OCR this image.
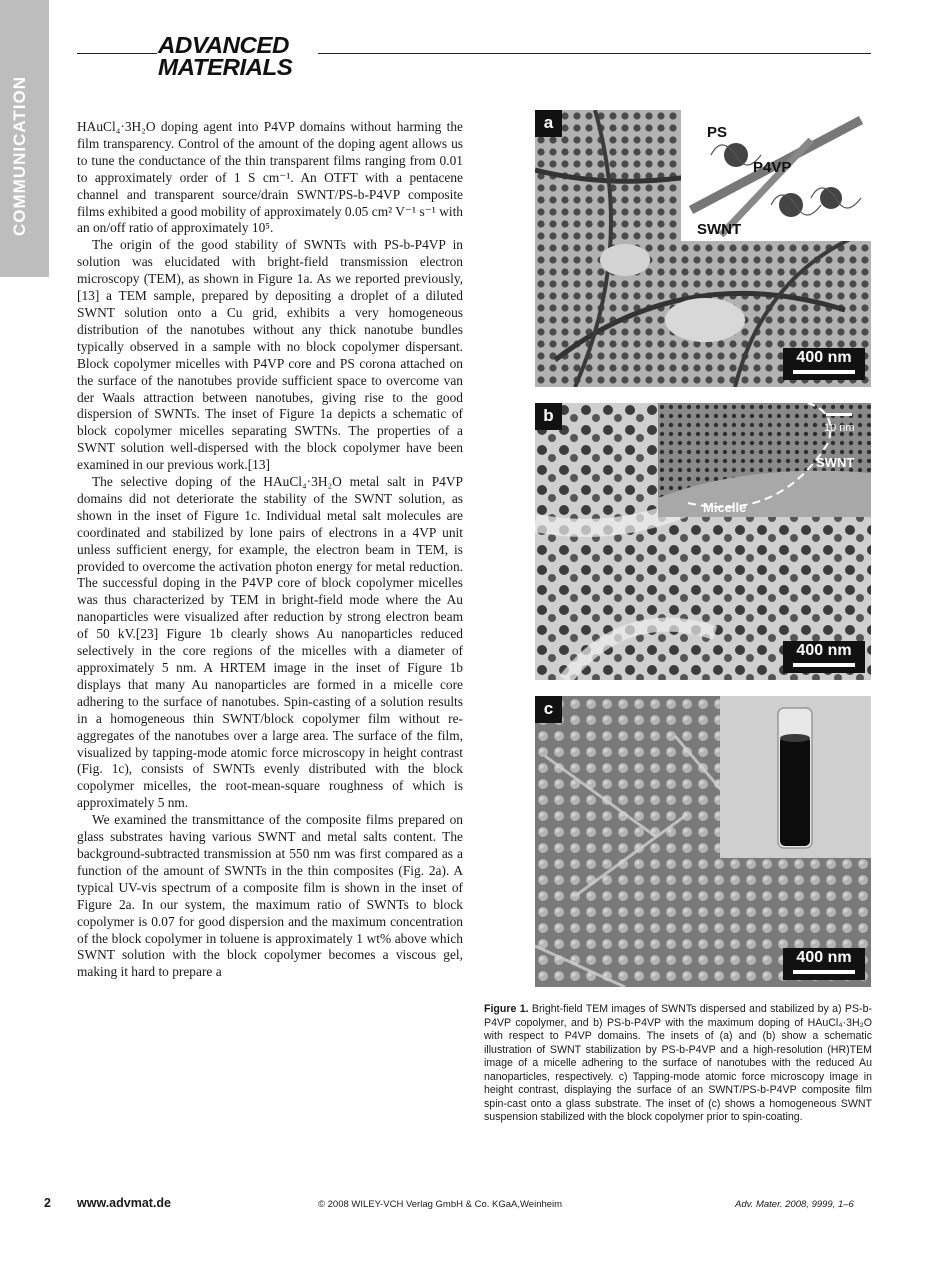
COMMUNICATION
ADVANCED
MATERIALS

HAuCl₄·3H₂O doping agent into P4VP domains without harming the film transparency. Control of the amount of the doping agent allows us to tune the conductance of the thin transparent films ranging from 0.01 to approximately order of 1 S cm⁻¹. An OTFT with a pentacene channel and transparent source/drain SWNT/PS-b-P4VP composite films exhibited a good mobility of approximately 0.05 cm² V⁻¹ s⁻¹ with an on/off ratio of approximately 10⁵.

The origin of the good stability of SWNTs with PS-b-P4VP in solution was elucidated with bright-field transmission electron microscopy (TEM), as shown in Figure 1a. As we reported previously,[13] a TEM sample, prepared by depositing a droplet of a diluted SWNT solution onto a Cu grid, exhibits a very homogeneous distribution of the nanotubes without any thick nanotube bundles typically observed in a sample with no block copolymer dispersant. Block copolymer micelles with P4VP core and PS corona attached on the surface of the nanotubes provide sufficient space to overcome van der Waals attraction between nanotubes, giving rise to the good dispersion of SWNTs. The inset of Figure 1a depicts a schematic of block copolymer micelles separating SWTNs. The properties of a SWNT solution well-dispersed with the block copolymer have been examined in our previous work.[13]

The selective doping of the HAuCl₄·3H₂O metal salt in P4VP domains did not deteriorate the stability of the SWNT solution, as shown in the inset of Figure 1c. Individual metal salt molecules are coordinated and stabilized by lone pairs of electrons in a 4VP unit unless sufficient energy, for example, the electron beam in TEM, is provided to overcome the activation photon energy for metal reduction. The successful doping in the P4VP core of block copolymer micelles was thus characterized by TEM in bright-field mode where the Au nanoparticles were visualized after reduction by strong electron beam of 50 kV.[23] Figure 1b clearly shows Au nanoparticles reduced selectively in the core regions of the micelles with a diameter of approximately 5 nm. A HRTEM image in the inset of Figure 1b displays that many Au nanoparticles are formed in a micelle core adhering to the surface of nanotubes. Spin-casting of a solution results in a homogeneous thin SWNT/block copolymer film without re-aggregates of the nanotubes over a large area. The surface of the film, visualized by tapping-mode atomic force microscopy in height contrast (Fig. 1c), consists of SWNTs evenly distributed with the block copolymer micelles, the root-mean-square roughness of which is approximately 5 nm.

We examined the transmittance of the composite films prepared on glass substrates having various SWNT and metal salts content. The background-subtracted transmission at 550 nm was first compared as a function of the amount of SWNTs in the thin composites (Fig. 2a). A typical UV-vis spectrum of a composite film is shown in the inset of Figure 2a. In our system, the maximum ratio of SWNTs to block copolymer is 0.07 for good dispersion and the maximum concentration of the block copolymer in toluene is approximately 1 wt% above which SWNT solution with the block copolymer becomes a viscous gel, making it hard to prepare a

a
PS
P4VP
SWNT
400 nm
b
10 nm
SWNT
Micelle
400 nm
c
400 nm
Figure 1. Bright-field TEM images of SWNTs dispersed and stabilized by a) PS-b-P4VP copolymer, and b) PS-b-P4VP with the maximum doping of HAuCl₄·3H₂O with respect to P4VP domains. The insets of (a) and (b) show a schematic illustration of SWNT stabilization by PS-b-P4VP and a high-resolution (HR)TEM image of a micelle adhering to the surface of nanotubes with the reduced Au nanoparticles, respectively. c) Tapping-mode atomic force microscopy image in height contrast, displaying the surface of an SWNT/PS-b-P4VP composite film spin-cast onto a glass substrate. The inset of (c) shows a homogeneous SWNT suspension stabilized with the block copolymer prior to spin-coating.
2 www.advmat.de	© 2008 WILEY-VCH Verlag GmbH & Co. KGaA,Weinheim	Adv. Mater. 2008, 9999, 1–6
